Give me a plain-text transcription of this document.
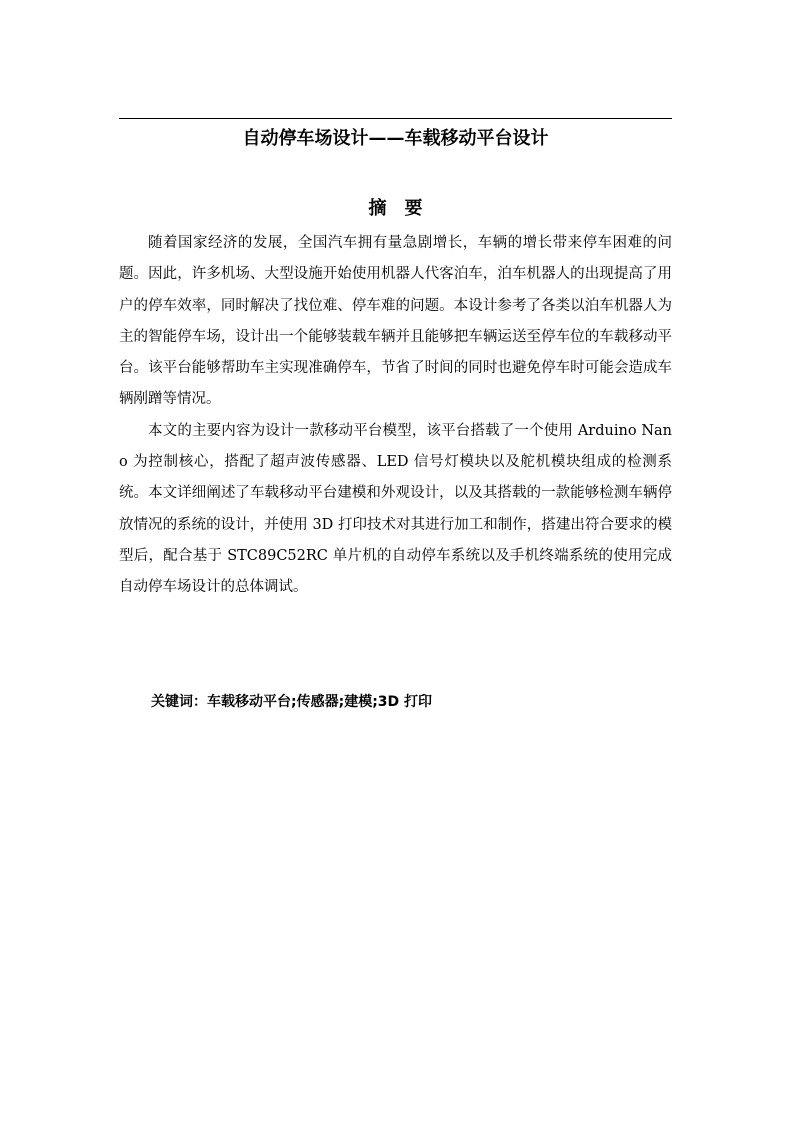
自动停车场设计——车载移动平台设计
摘 要

随着国家经济的发展，全国汽车拥有量急剧增长，车辆的增长带来停车困难的问题。因此，许多机场、大型设施开始使用机器人代客泊车，泊车机器人的出现提高了用户的停车效率，同时解决了找位难、停车难的问题。本设计参考了各类以泊车机器人为主的智能停车场，设计出一个能够装载车辆并且能够把车辆运送至停车位的车载移动平台。该平台能够帮助车主实现准确停车，节省了时间的同时也避免停车时可能会造成车辆剐蹭等情况。

本文的主要内容为设计一款移动平台模型，该平台搭载了一个使用 Arduino Nano 为控制核心，搭配了超声波传感器、LED 信号灯模块以及舵机模块组成的检测系统。本文详细阐述了车载移动平台建模和外观设计，以及其搭载的一款能够检测车辆停放情况的系统的设计，并使用 3D 打印技术对其进行加工和制作，搭建出符合要求的模型后，配合基于 STC89C52RC 单片机的自动停车系统以及手机终端系统的使用完成自动停车场设计的总体调试。

关键词：车载移动平台;传感器;建模;3D 打印
